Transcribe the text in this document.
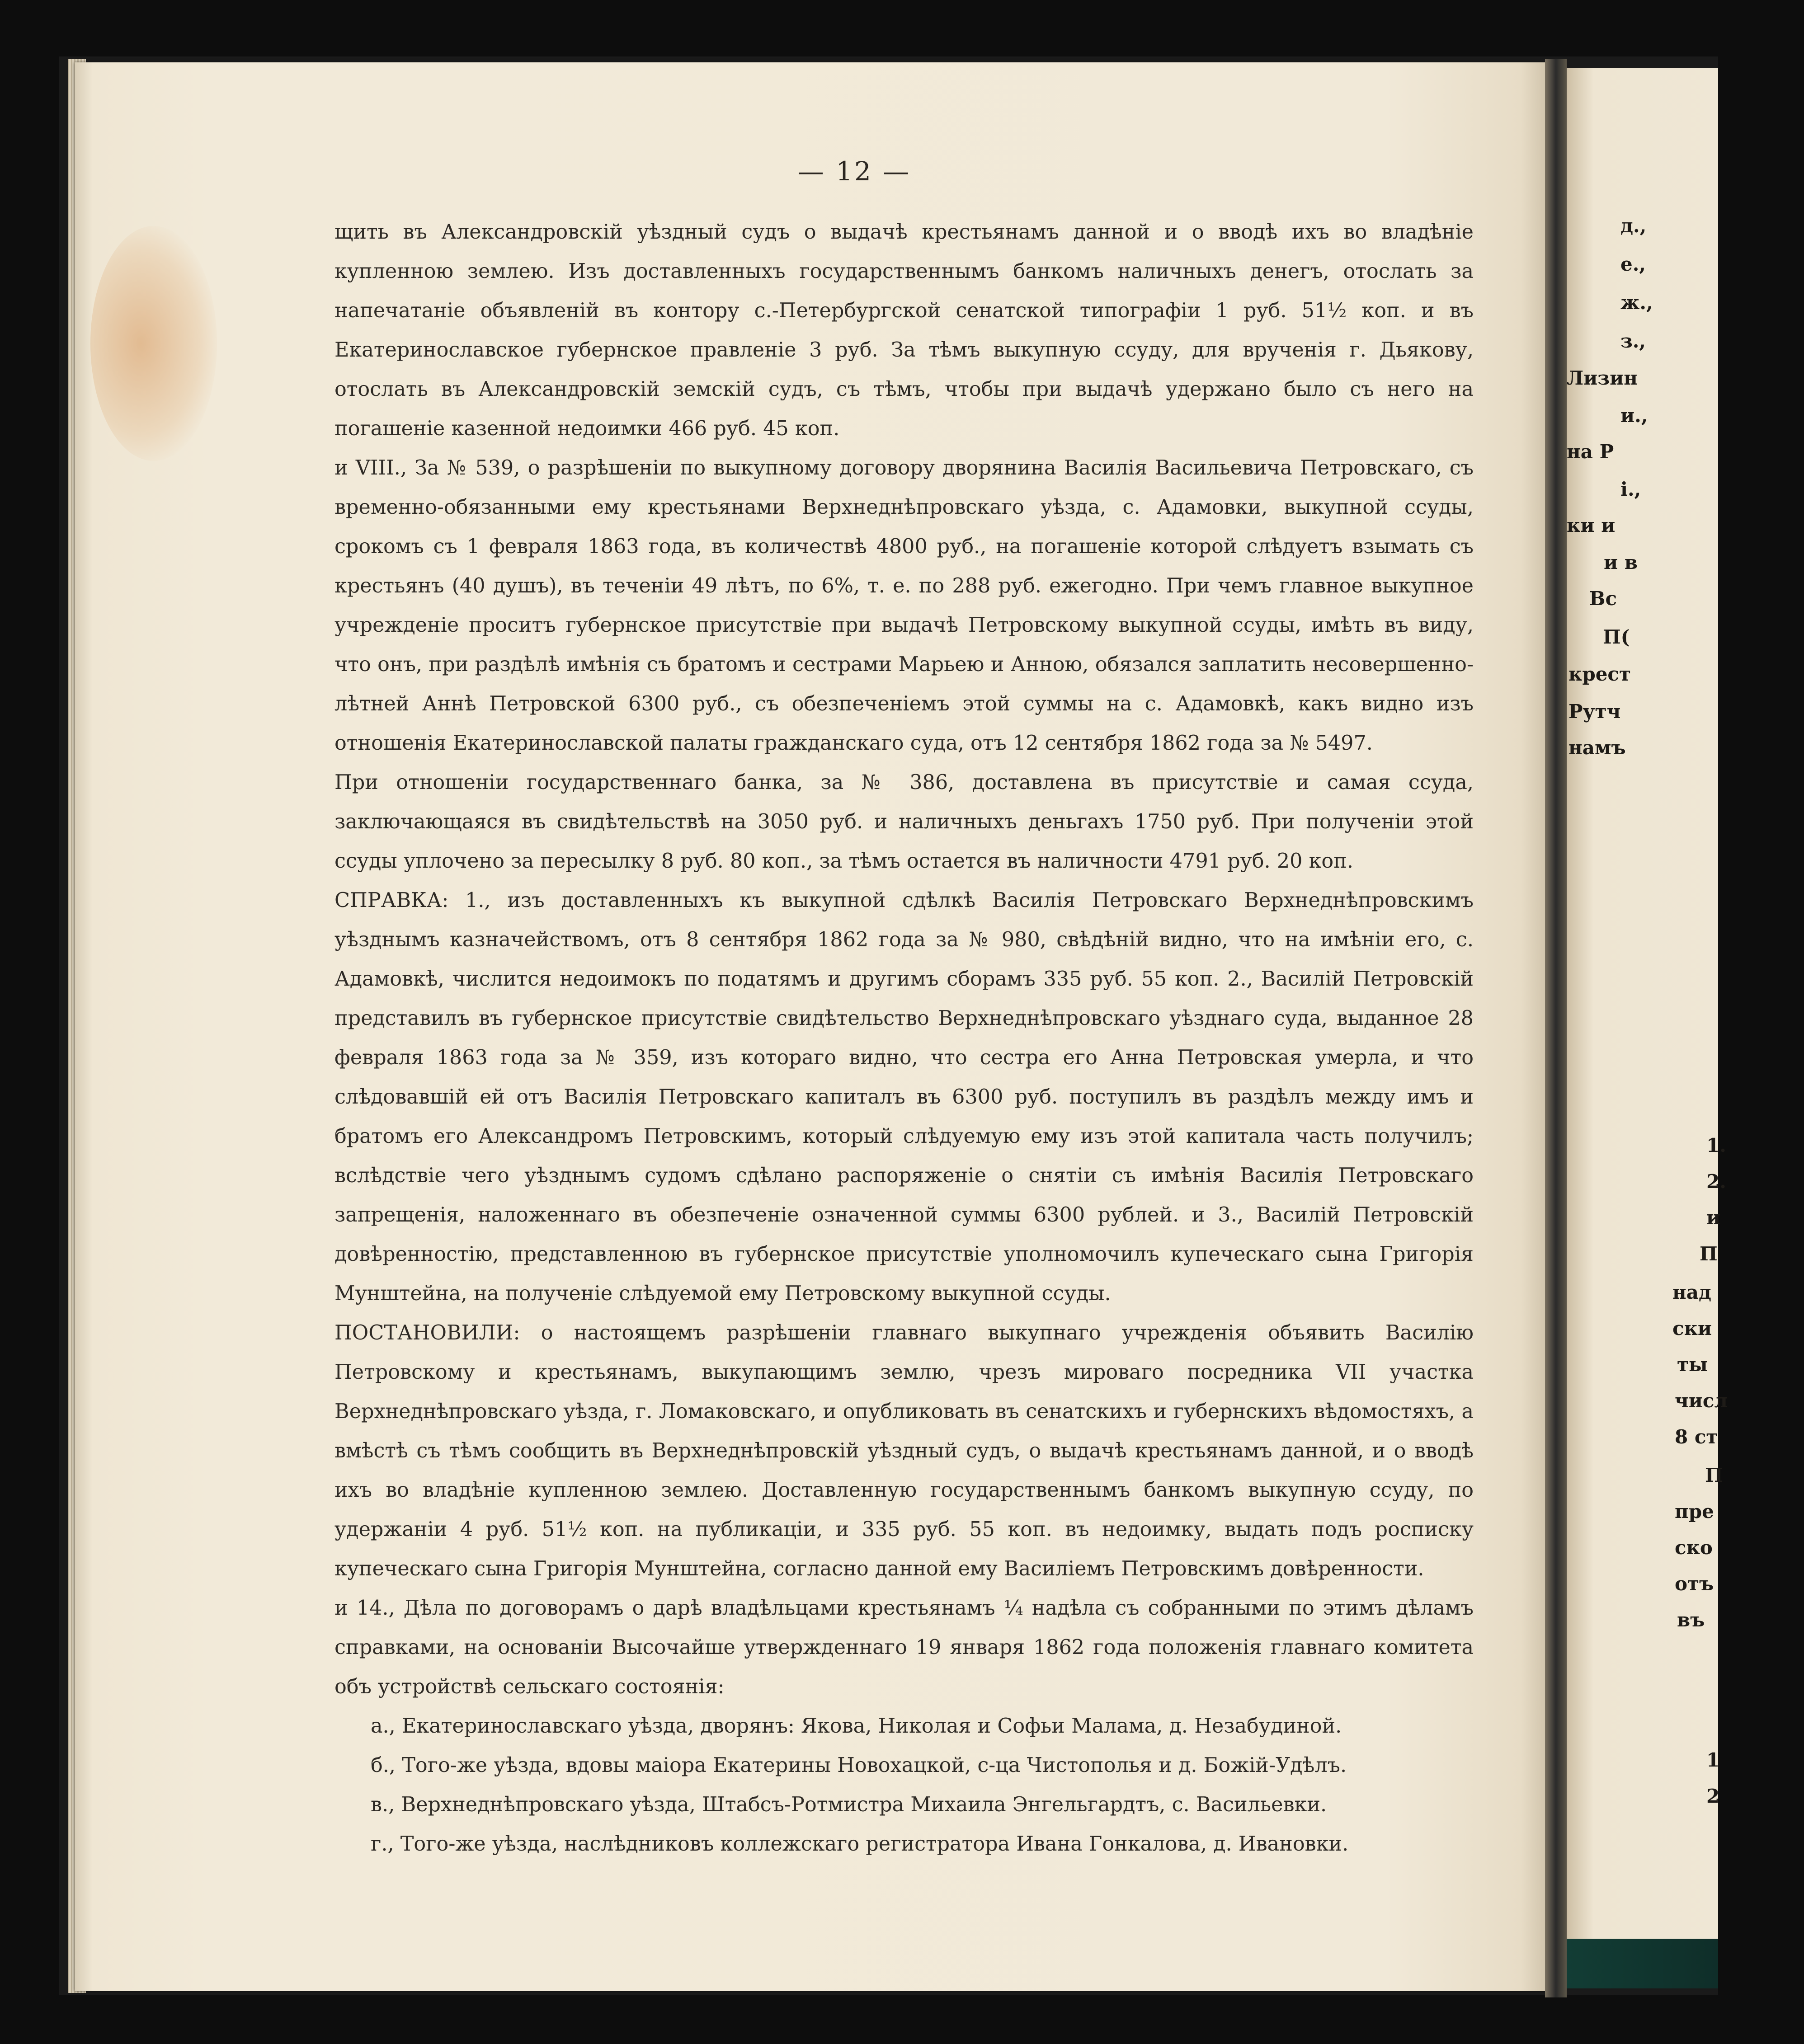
— 12 —

щить въ Александровскій уѣздный судъ о выдачѣ крестьянамъ данной и о вводѣ ихъ во владѣніе купленною землею. Изъ доставленныхъ государственнымъ банкомъ наличныхъ денегъ, отослать за напечатаніе объявленій въ контору с.-Петербургской сенатской типографіи 1 руб. 51½ коп. и въ Екатеринославское губернское правленіе 3 руб. За тѣмъ выкупную ссуду, для врученія г. Дьякову, отослать въ Александровскій земскій судъ, съ тѣмъ, чтобы при выдачѣ удержано было съ него на погашеніе казенной недоимки 466 руб. 45 коп.

и VIII., За № 539, о разрѣшеніи по выкупному договору дворянина Василія Васильевича Петровскаго, съ временно-обязанными ему крестьянами Верхнеднѣпровскаго уѣзда, с. Адамовки, выкупной ссуды, срокомъ съ 1 февраля 1863 года, въ количествѣ 4800 руб., на погашеніе которой слѣдуетъ взымать съ крестьянъ (40 душъ), въ теченіи 49 лѣтъ, по 6%, т. е. по 288 руб. ежегодно. При чемъ главное выкупное учрежденіе проситъ губернское присутствіе при выдачѣ Петровскому выкупной ссуды, имѣть въ виду, что онъ, при раздѣлѣ имѣнія съ братомъ и сестрами Марьею и Анною, обязался заплатить несовершенно-лѣтней Аннѣ Петровской 6300 руб., съ обезпеченіемъ этой суммы на с. Адамовкѣ, какъ видно изъ отношенія Екатеринославской палаты гражданскаго суда, отъ 12 сентября 1862 года за № 5497.

При отношеніи государственнаго банка, за № 386, доставлена въ присутствіе и самая ссуда, заключающаяся въ свидѣтельствѣ на 3050 руб. и наличныхъ деньгахъ 1750 руб. При полученіи этой ссуды уплочено за пересылку 8 руб. 80 коп., за тѣмъ остается въ наличности 4791 руб. 20 коп.

СПРАВКА: 1., изъ доставленныхъ къ выкупной сдѣлкѣ Василія Петровскаго Верхнеднѣпровскимъ уѣзднымъ казначействомъ, отъ 8 сентября 1862 года за № 980, свѣдѣній видно, что на имѣніи его, с. Адамовкѣ, числится недоимокъ по податямъ и другимъ сборамъ 335 руб. 55 коп. 2., Василій Петровскій представилъ въ губернское присутствіе свидѣтельство Верхнеднѣпровскаго уѣзднаго суда, выданное 28 февраля 1863 года за № 359, изъ котораго видно, что сестра его Анна Петровская умерла, и что слѣдовавшій ей отъ Василія Петровскаго капиталъ въ 6300 руб. поступилъ въ раздѣлъ между имъ и братомъ его Александромъ Петровскимъ, который слѣдуемую ему изъ этой капитала часть получилъ; вслѣдствіе чего уѣзднымъ судомъ сдѣлано распоряженіе о снятіи съ имѣнія Василія Петровскаго запрещенія, наложеннаго въ обезпеченіе означенной суммы 6300 рублей. и 3., Василій Петровскій довѣренностію, представленною въ губернское присутствіе уполномочилъ купеческаго сына Григорія Мунштейна, на полученіе слѣдуемой ему Петровскому выкупной ссуды.

ПОСТАНОВИЛИ: о настоящемъ разрѣшеніи главнаго выкупнаго учрежденія объявить Василію Петровскому и крестьянамъ, выкупающимъ землю, чрезъ мироваго посредника VII участка Верхнеднѣпровскаго уѣзда, г. Ломаковскаго, и опубликовать въ сенатскихъ и губернскихъ вѣдомостяхъ, а вмѣстѣ съ тѣмъ сообщить въ Верхнеднѣпровскій уѣздный судъ, о выдачѣ крестьянамъ данной, и о вводѣ ихъ во владѣніе купленною землею. Доставленную государственнымъ банкомъ выкупную ссуду, по удержаніи 4 руб. 51½ коп. на публикаціи, и 335 руб. 55 коп. въ недоимку, выдать подъ росписку купеческаго сына Григорія Мунштейна, согласно данной ему Василіемъ Петровскимъ довѣренности.

и 14., Дѣла по договорамъ о дарѣ владѣльцами крестьянамъ ¼ надѣла съ собранными по этимъ дѣламъ справками, на основаніи Высочайше утвержденнаго 19 января 1862 года положенія главнаго комитета объ устройствѣ сельскаго состоянія:

а., Екатеринославскаго уѣзда, дворянъ: Якова, Николая и Софьи Малама, д. Незабудиной.

б., Того-же уѣзда, вдовы маіора Екатерины Новохацкой, с-ца Чистополья и д. Божій-Удѣлъ.

в., Верхнеднѣпровскаго уѣзда, Штабсъ-Ротмистра Михаила Энгельгардтъ, с. Васильевки.

г., Того-же уѣзда, наслѣдниковъ коллежскаго регистратора Ивана Гонкалова, д. Ивановки.

д.,
е.,
ж.,
з.,
Лизин
и.,
на Р
і.,
ки и
и в
Вс
П(
крест
Рутч
намъ
1.
2.
и
П
над
ски
ты
числ
8 ст
П
пре
ско
отъ
въ
1
2
